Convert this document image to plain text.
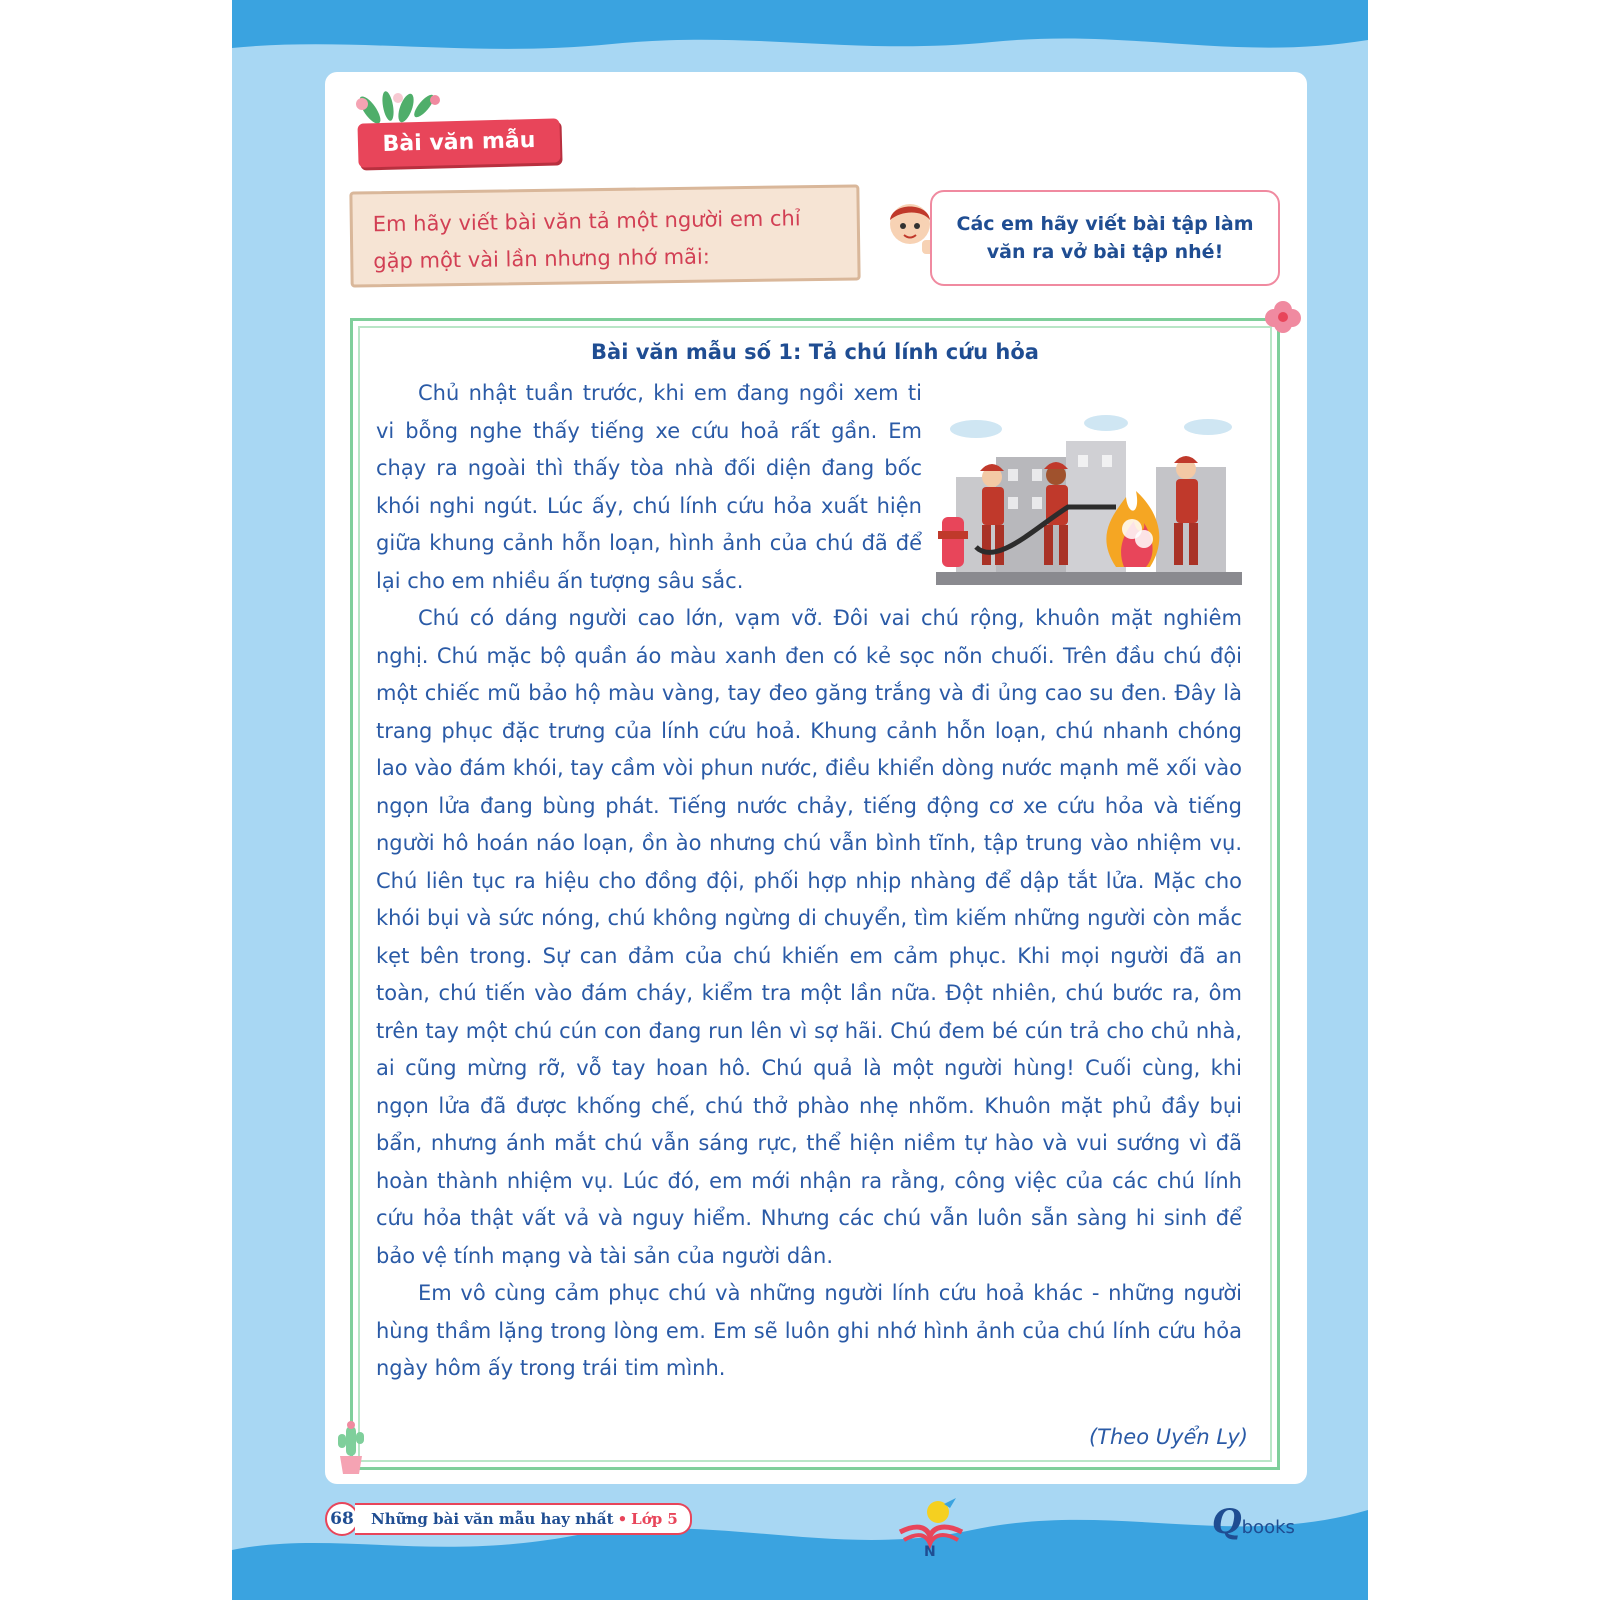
Bài văn mẫu

Em hãy viết bài văn tả một người em chỉ gặp một vài lần nhưng nhớ mãi:

Các em hãy viết bài tập làm văn ra vở bài tập nhé!

Bài văn mẫu số 1: Tả chú lính cứu hỏa

Chủ nhật tuần trước, khi em đang ngồi xem ti vi bỗng nghe thấy tiếng xe cứu hoả rất gần. Em chạy ra ngoài thì thấy tòa nhà đối diện đang bốc khói nghi ngút. Lúc ấy, chú lính cứu hỏa xuất hiện giữa khung cảnh hỗn loạn, hình ảnh của chú đã để lại cho em nhiều ấn tượng sâu sắc.

Chú có dáng người cao lớn, vạm vỡ. Đôi vai chú rộng, khuôn mặt nghiêm nghị. Chú mặc bộ quần áo màu xanh đen có kẻ sọc nõn chuối. Trên đầu chú đội một chiếc mũ bảo hộ màu vàng, tay đeo găng trắng và đi ủng cao su đen. Đây là trang phục đặc trưng của lính cứu hoả. Khung cảnh hỗn loạn, chú nhanh chóng lao vào đám khói, tay cầm vòi phun nước, điều khiển dòng nước mạnh mẽ xối vào ngọn lửa đang bùng phát. Tiếng nước chảy, tiếng động cơ xe cứu hỏa và tiếng người hô hoán náo loạn, ồn ào nhưng chú vẫn bình tĩnh, tập trung vào nhiệm vụ. Chú liên tục ra hiệu cho đồng đội, phối hợp nhịp nhàng để dập tắt lửa. Mặc cho khói bụi và sức nóng, chú không ngừng di chuyển, tìm kiếm những người còn mắc kẹt bên trong. Sự can đảm của chú khiến em cảm phục. Khi mọi người đã an toàn, chú tiến vào đám cháy, kiểm tra một lần nữa. Đột nhiên, chú bước ra, ôm trên tay một chú cún con đang run lên vì sợ hãi. Chú đem bé cún trả cho chủ nhà, ai cũng mừng rỡ, vỗ tay hoan hô. Chú quả là một người hùng! Cuối cùng, khi ngọn lửa đã được khống chế, chú thở phào nhẹ nhõm. Khuôn mặt phủ đầy bụi bẩn, nhưng ánh mắt chú vẫn sáng rực, thể hiện niềm tự hào và vui sướng vì đã hoàn thành nhiệm vụ. Lúc đó, em mới nhận ra rằng, công việc của các chú lính cứu hỏa thật vất vả và nguy hiểm. Nhưng các chú vẫn luôn sẵn sàng hi sinh để bảo vệ tính mạng và tài sản của người dân.

Em vô cùng cảm phục chú và những người lính cứu hoả khác - những người hùng thầm lặng trong lòng em. Em sẽ luôn ghi nhớ hình ảnh của chú lính cứu hỏa ngày hôm ấy trong trái tim mình.

(Theo Uyển Ly)
68	Những bài văn mẫu hay nhất • Lớp 5
N
Q books
